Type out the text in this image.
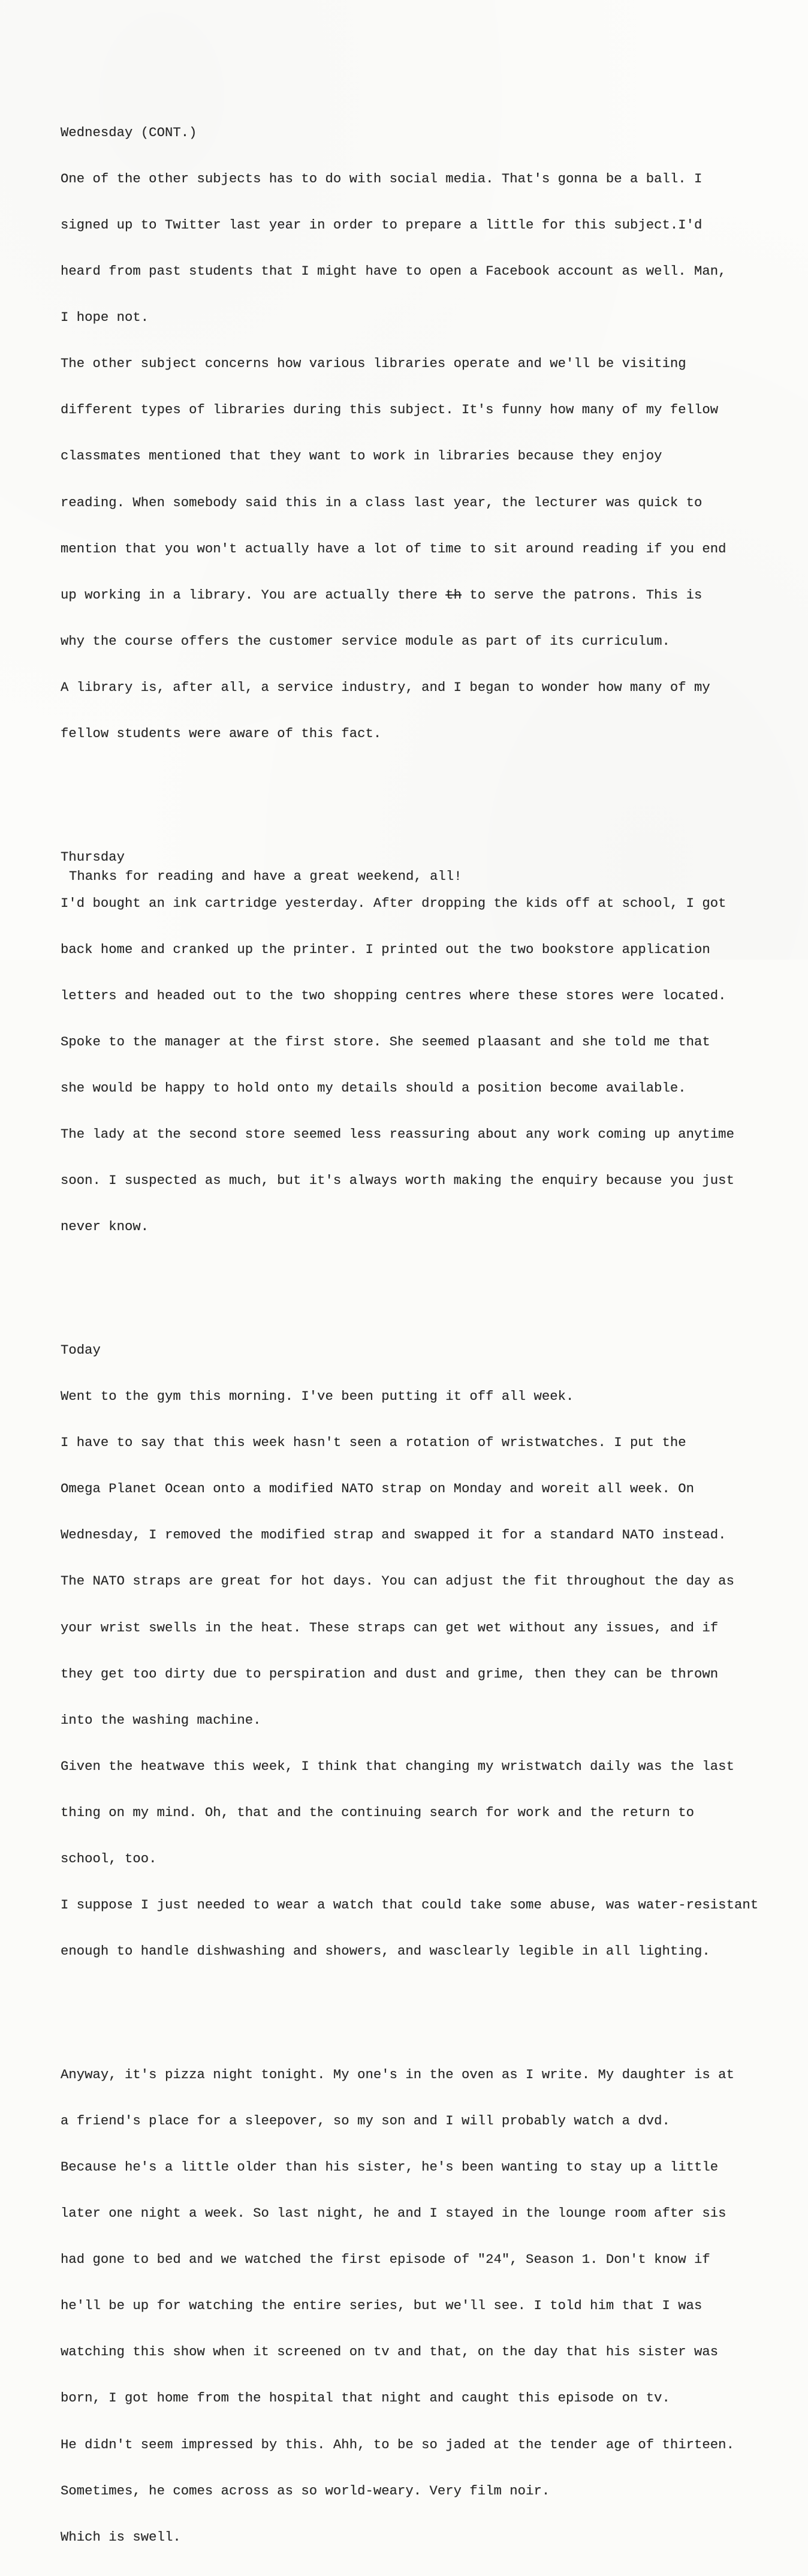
Wednesday (CONT.)

One of the other subjects has to do with social media. That's gonna be a ball. I

signed up to Twitter last year in order to prepare a little for this subject.I'd

heard from past students that I might have to open a Facebook account as well. Man,

I hope not.

The other subject concerns how various libraries operate and we'll be visiting

different types of libraries during this subject. It's funny how many of my fellow

classmates mentioned that they want to work in libraries because they enjoy

reading. When somebody said this in a class last year, the lecturer was quick to

mention that you won't actually have a lot of time to sit around reading if you end

up working in a library. You are actually there th to serve the patrons. This is

why the course offers the customer service module as part of its curriculum.

A library is, after all, a service industry, and I began to wonder how many of my

fellow students were aware of this fact.

Thursday

I'd bought an ink cartridge yesterday. After dropping the kids off at school, I got

back home and cranked up the printer. I printed out the two bookstore application

letters and headed out to the two shopping centres where these stores were located.

Spoke to the manager at the first store. She seemed plaasant and she told me that

she would be happy to hold onto my details should a position become available.

The lady at the second store seemed less reassuring about any work coming up anytime

soon. I suspected as much, but it's always worth making the enquiry because you just

never know.

Today

Went to the gym this morning. I've been putting it off all week.

I have to say that this week hasn't seen a rotation of wristwatches. I put the

Omega Planet Ocean onto a modified NATO strap on Monday and woreit all week. On

Wednesday, I removed the modified strap and swapped it for a standard NATO instead.

The NATO straps are great for hot days. You can adjust the fit throughout the day as

your wrist swells in the heat. These straps can get wet without any issues, and if

they get too dirty due to perspiration and dust and grime, then they can be thrown

into the washing machine.

Given the heatwave this week, I think that changing my wristwatch daily was the last

thing on my mind. Oh, that and the continuing search for work and the return to

school, too.

I suppose I just needed to wear a watch that could take some abuse, was water-resistant

enough to handle dishwashing and showers, and wasclearly legible in all lighting.

Anyway, it's pizza night tonight. My one's in the oven as I write. My daughter is at

a friend's place for a sleepover, so my son and I will probably watch a dvd.

Because he's a little older than his sister, he's been wanting to stay up a little

later one night a week. So last night, he and I stayed in the lounge room after sis

had gone to bed and we watched the first episode of "24", Season 1. Don't know if

he'll be up for watching the entire series, but we'll see. I told him that I was

watching this show when it screened on tv and that, on the day that his sister was

born, I got home from the hospital that night and caught this episode on tv.

He didn't seem impressed by this. Ahh, to be so jaded at the tender age of thirteen.

Sometimes, he comes across as so world-weary. Very film noir.

Which is swell.

Thanks for reading and have a great weekend, all!
